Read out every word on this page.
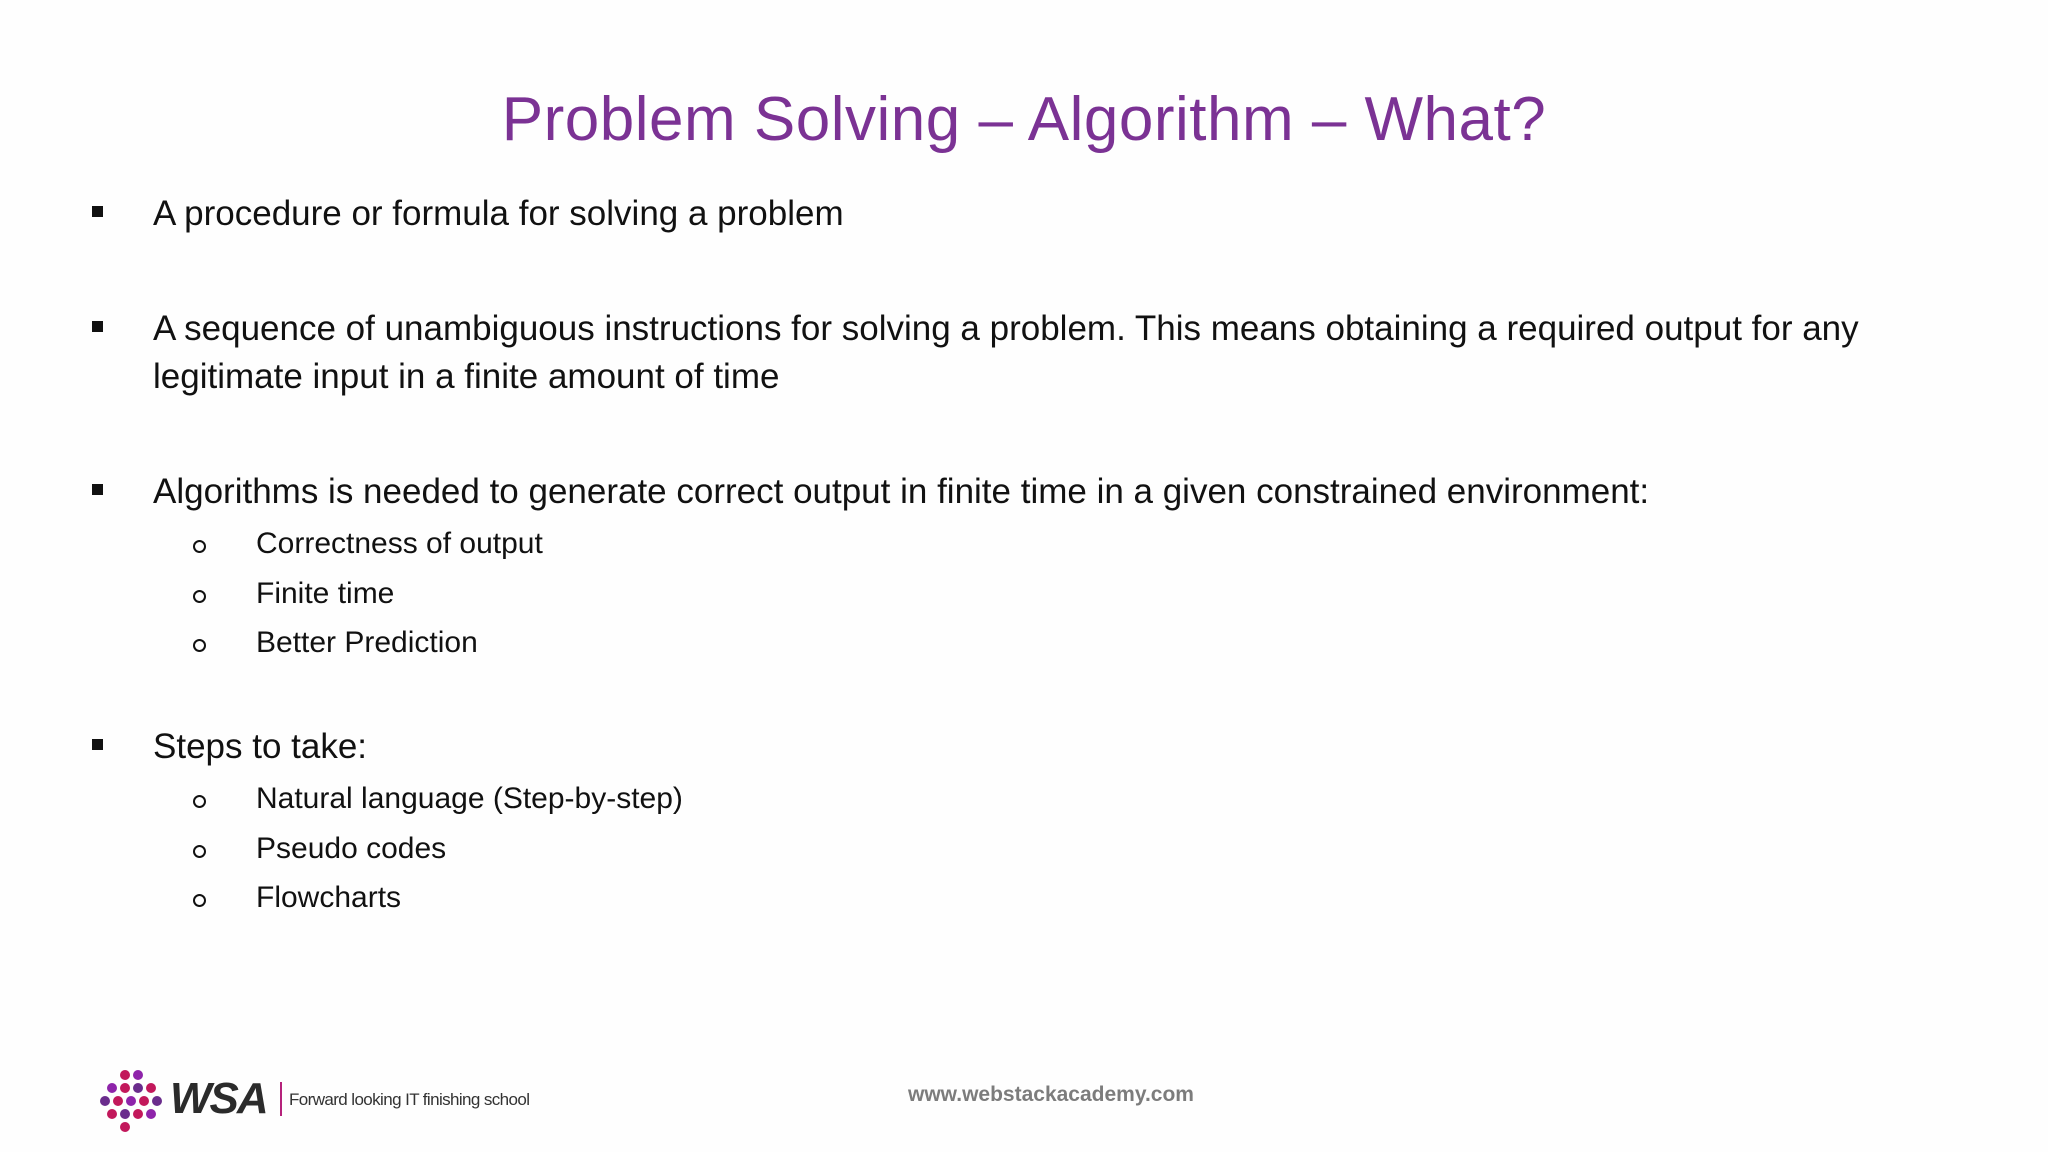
Problem Solving – Algorithm – What?
A procedure or formula for solving a problem
A sequence of unambiguous instructions for solving a problem. This means obtaining a required output for any legitimate input in a finite amount of time
Algorithms is needed to generate correct output in finite time in a given constrained environment:
Correctness of output
Finite time
Better Prediction
Steps to take:
Natural language (Step-by-step)
Pseudo codes
Flowcharts
WSA Forward looking IT finishing school	www.webstackacademy.com
